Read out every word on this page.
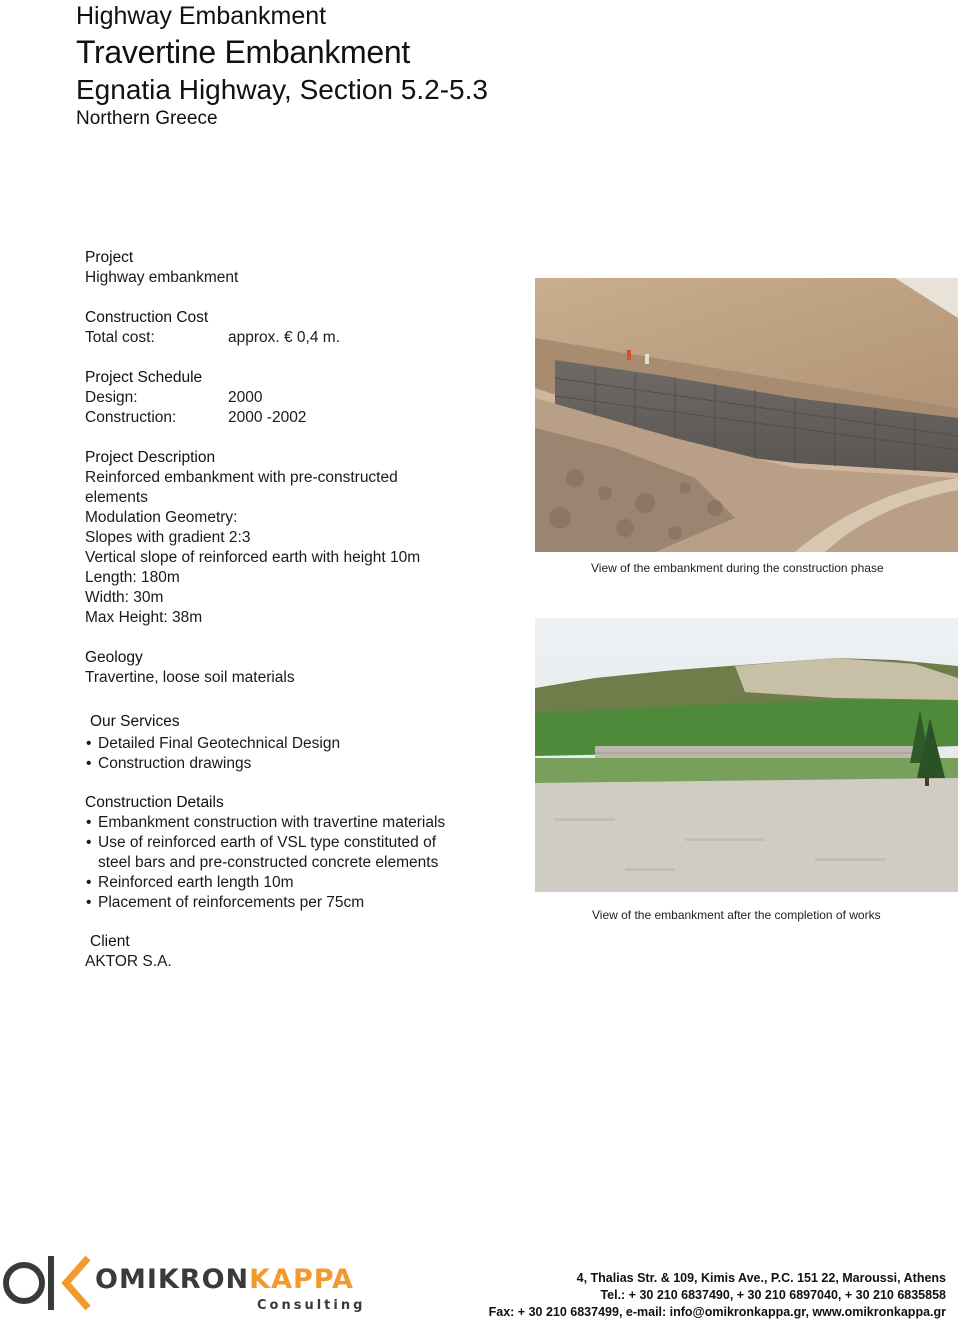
Highway Embankment
Travertine Embankment
Egnatia Highway, Section 5.2-5.3
Northern Greece
Project
Highway embankment
Construction Cost
Total cost:	approx. € 0,4 m.
Project Schedule
Design:	2000
Construction:	2000 -2002
Project Description
Reinforced embankment with pre-constructed
elements
Modulation Geometry:
Slopes with gradient 2:3
Vertical slope of reinforced earth with height 10m
Length: 180m
Width: 30m
Max Height: 38m
Geology
Travertine, loose soil materials
Our Services
• Detailed Final Geotechnical Design
• Construction drawings
Construction Details
• Embankment construction with travertine materials
• Use of reinforced earth of VSL type constituted of steel bars and pre-constructed concrete elements
• Reinforced earth length 10m
• Placement of reinforcements per 75cm
Client
AKTOR S.A.
View of the embankment during the construction phase
View of the embankment after the completion of works
OMIKRONKAPPA
Consulting
4, Thalias Str. & 109, Kimis Ave., P.C. 151 22, Maroussi, Athens
Tel.: + 30 210 6837490, + 30 210 6897040, + 30 210 6835858
Fax: + 30 210 6837499, e-mail: info@omikronkappa.gr, www.omikronkappa.gr
